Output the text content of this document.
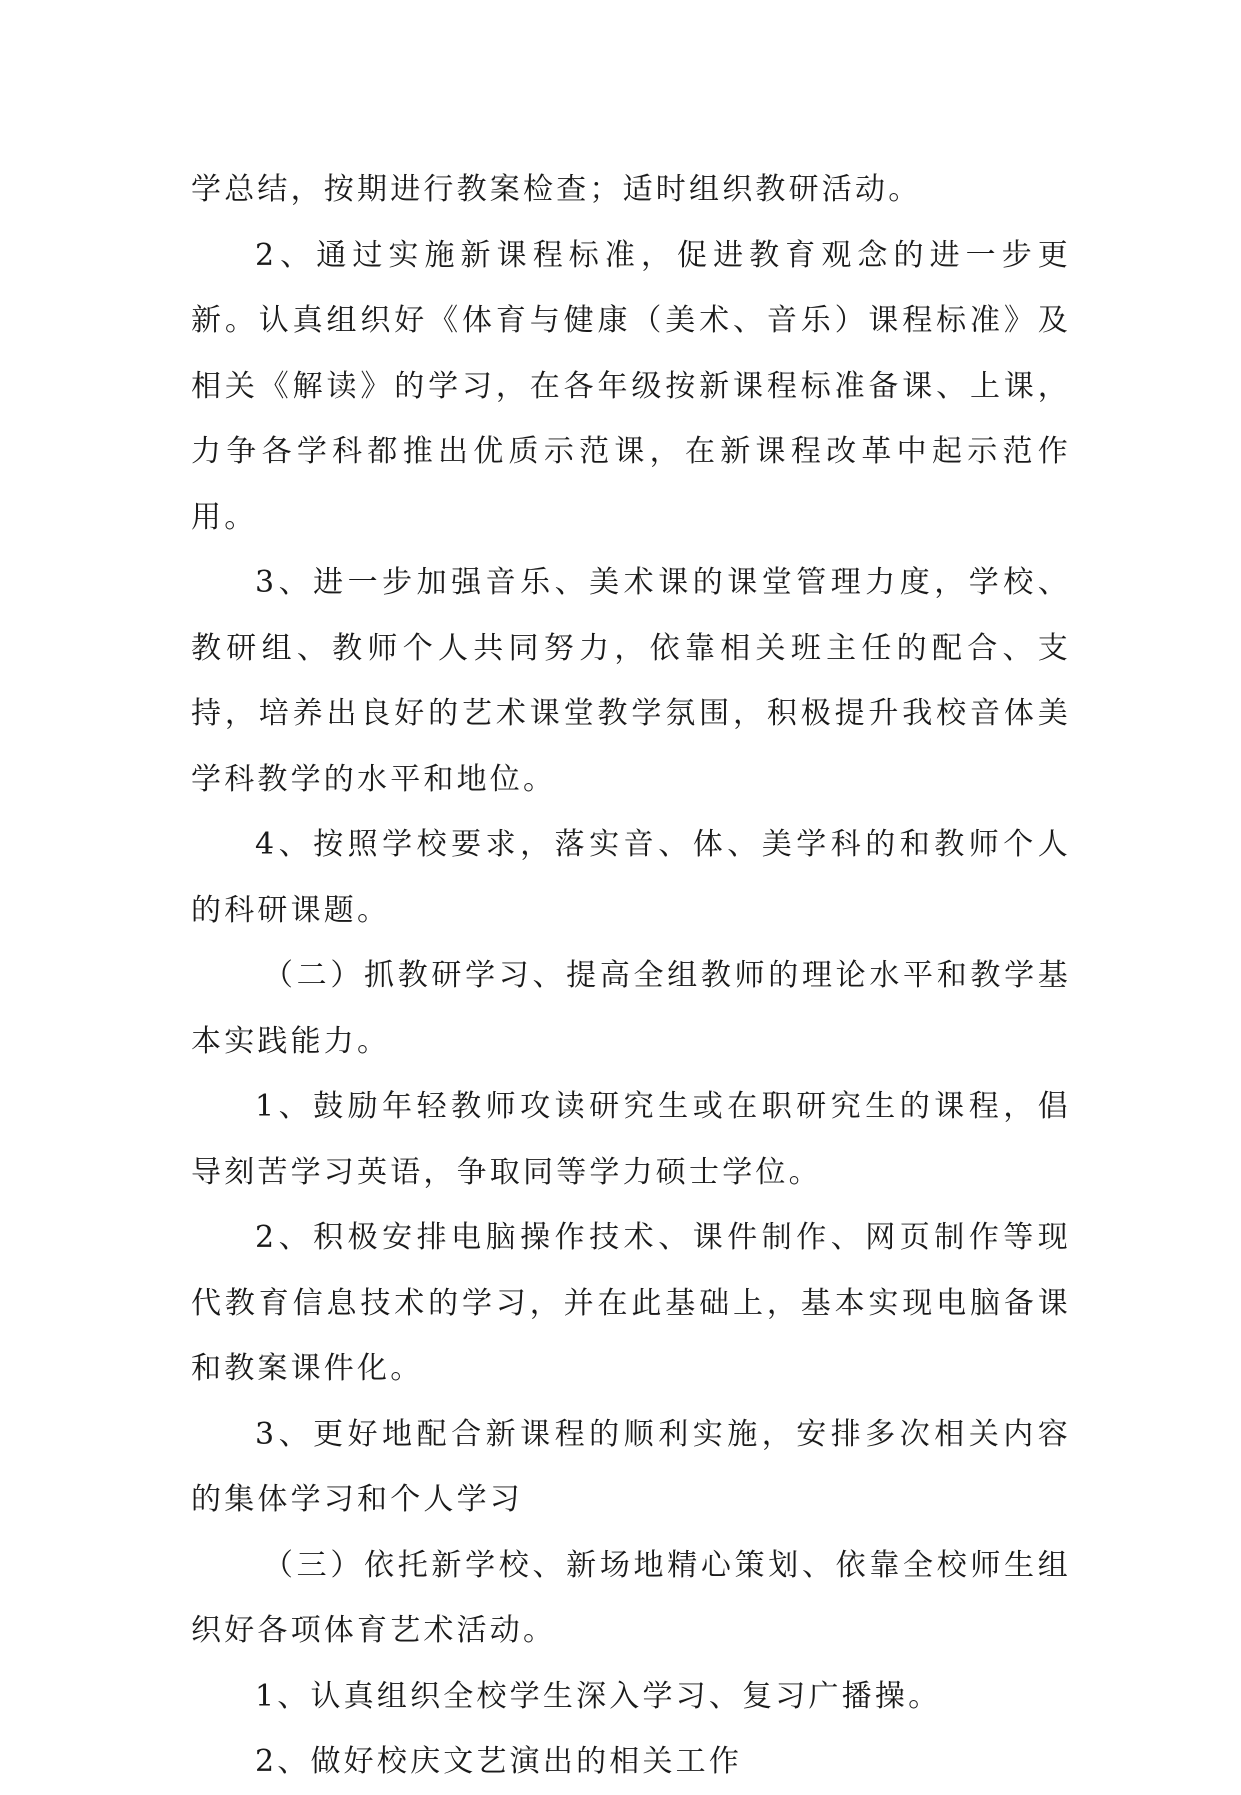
学总结，按期进行教案检查；适时组织教研活动。

2、通过实施新课程标准，促进教育观念的进一步更新。认真组织好《体育与健康（美术、音乐）课程标准》及相关《解读》的学习，在各年级按新课程标准备课、上课，力争各学科都推出优质示范课，在新课程改革中起示范作用。

3、进一步加强音乐、美术课的课堂管理力度，学校、教研组、教师个人共同努力，依靠相关班主任的配合、支持，培养出良好的艺术课堂教学氛围，积极提升我校音体美学科教学的水平和地位。

4、按照学校要求，落实音、体、美学科的和教师个人的科研课题。

（二）抓教研学习、提高全组教师的理论水平和教学基本实践能力。

1、鼓励年轻教师攻读研究生或在职研究生的课程，倡导刻苦学习英语，争取同等学力硕士学位。

2、积极安排电脑操作技术、课件制作、网页制作等现代教育信息技术的学习，并在此基础上，基本实现电脑备课和教案课件化。

3、更好地配合新课程的顺利实施，安排多次相关内容的集体学习和个人学习

（三）依托新学校、新场地精心策划、依靠全校师生组织好各项体育艺术活动。

1、认真组织全校学生深入学习、复习广播操。

2、做好校庆文艺演出的相关工作
